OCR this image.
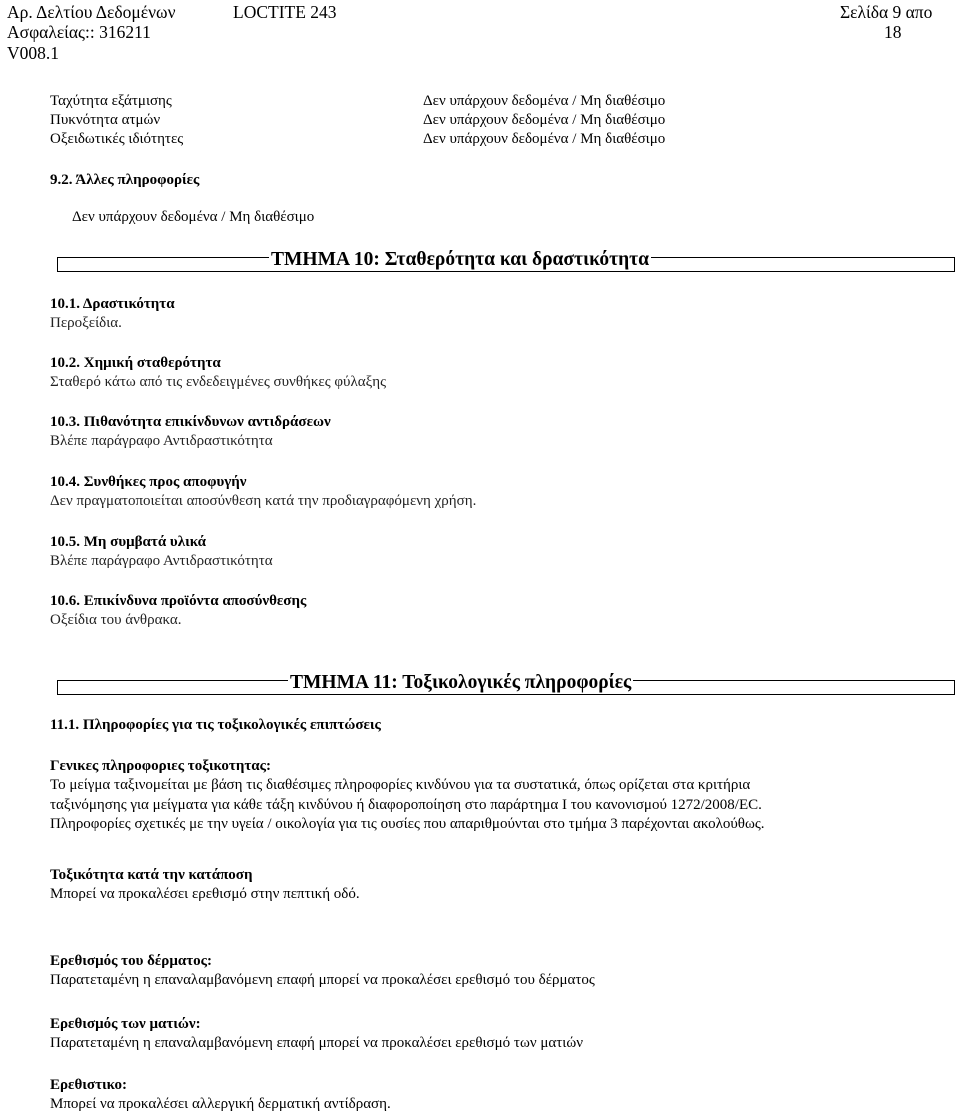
Αρ. Δελτίου Δεδομένων
Ασφαλείας:: 316211
V008.1
LOCTITE 243	Σελίδα 9 απο
18
Ταχύτητα εξάτμισης	Δεν υπάρχουν δεδομένα / Μη διαθέσιμο
Πυκνότητα ατμών	Δεν υπάρχουν δεδομένα / Μη διαθέσιμο
Οξειδωτικές ιδιότητες	Δεν υπάρχουν δεδομένα / Μη διαθέσιμο
9.2. Άλλες πληροφορίες
Δεν υπάρχουν δεδομένα / Μη διαθέσιμο
ΤΜΗΜΑ 10: Σταθερότητα και δραστικότητα
10.1. Δραστικότητα
Περοξείδια.
10.2. Χημική σταθερότητα
Σταθερό κάτω από τις ενδεδειγμένες συνθήκες φύλαξης
10.3. Πιθανότητα επικίνδυνων αντιδράσεων
Βλέπε παράγραφο Αντιδραστικότητα
10.4. Συνθήκες προς αποφυγήν
Δεν πραγματοποιείται αποσύνθεση κατά την προδιαγραφόμενη χρήση.
10.5. Μη συμβατά υλικά
Βλέπε παράγραφο Αντιδραστικότητα
10.6. Επικίνδυνα προϊόντα αποσύνθεσης
Οξείδια του άνθρακα.
ΤΜΗΜΑ 11: Τοξικολογικές πληροφορίες
11.1. Πληροφορίες για τις τοξικολογικές επιπτώσεις
Γενικες πληροφοριες τοξικοτητας:
Το μείγμα ταξινομείται με βάση τις διαθέσιμες πληροφορίες κινδύνου για τα συστατικά, όπως ορίζεται στα κριτήρια
ταξινόμησης για μείγματα για κάθε τάξη κινδύνου ή διαφοροποίηση στο παράρτημα I του κανονισμού 1272/2008/EC.
Πληροφορίες σχετικές με την υγεία / οικολογία για τις ουσίες που απαριθμούνται στο τμήμα 3 παρέχονται ακολούθως.
Τοξικότητα κατά την κατάποση
Μπορεί να προκαλέσει ερεθισμό στην πεπτική οδό.
Ερεθισμός του δέρματος:
Παρατεταμένη η επαναλαμβανόμενη επαφή μπορεί να προκαλέσει ερεθισμό του δέρματος
Ερεθισμός των ματιών:
Παρατεταμένη η επαναλαμβανόμενη επαφή μπορεί να προκαλέσει ερεθισμό των ματιών
Ερεθιστικο:
Μπορεί να προκαλέσει αλλεργική δερματική αντίδραση.
